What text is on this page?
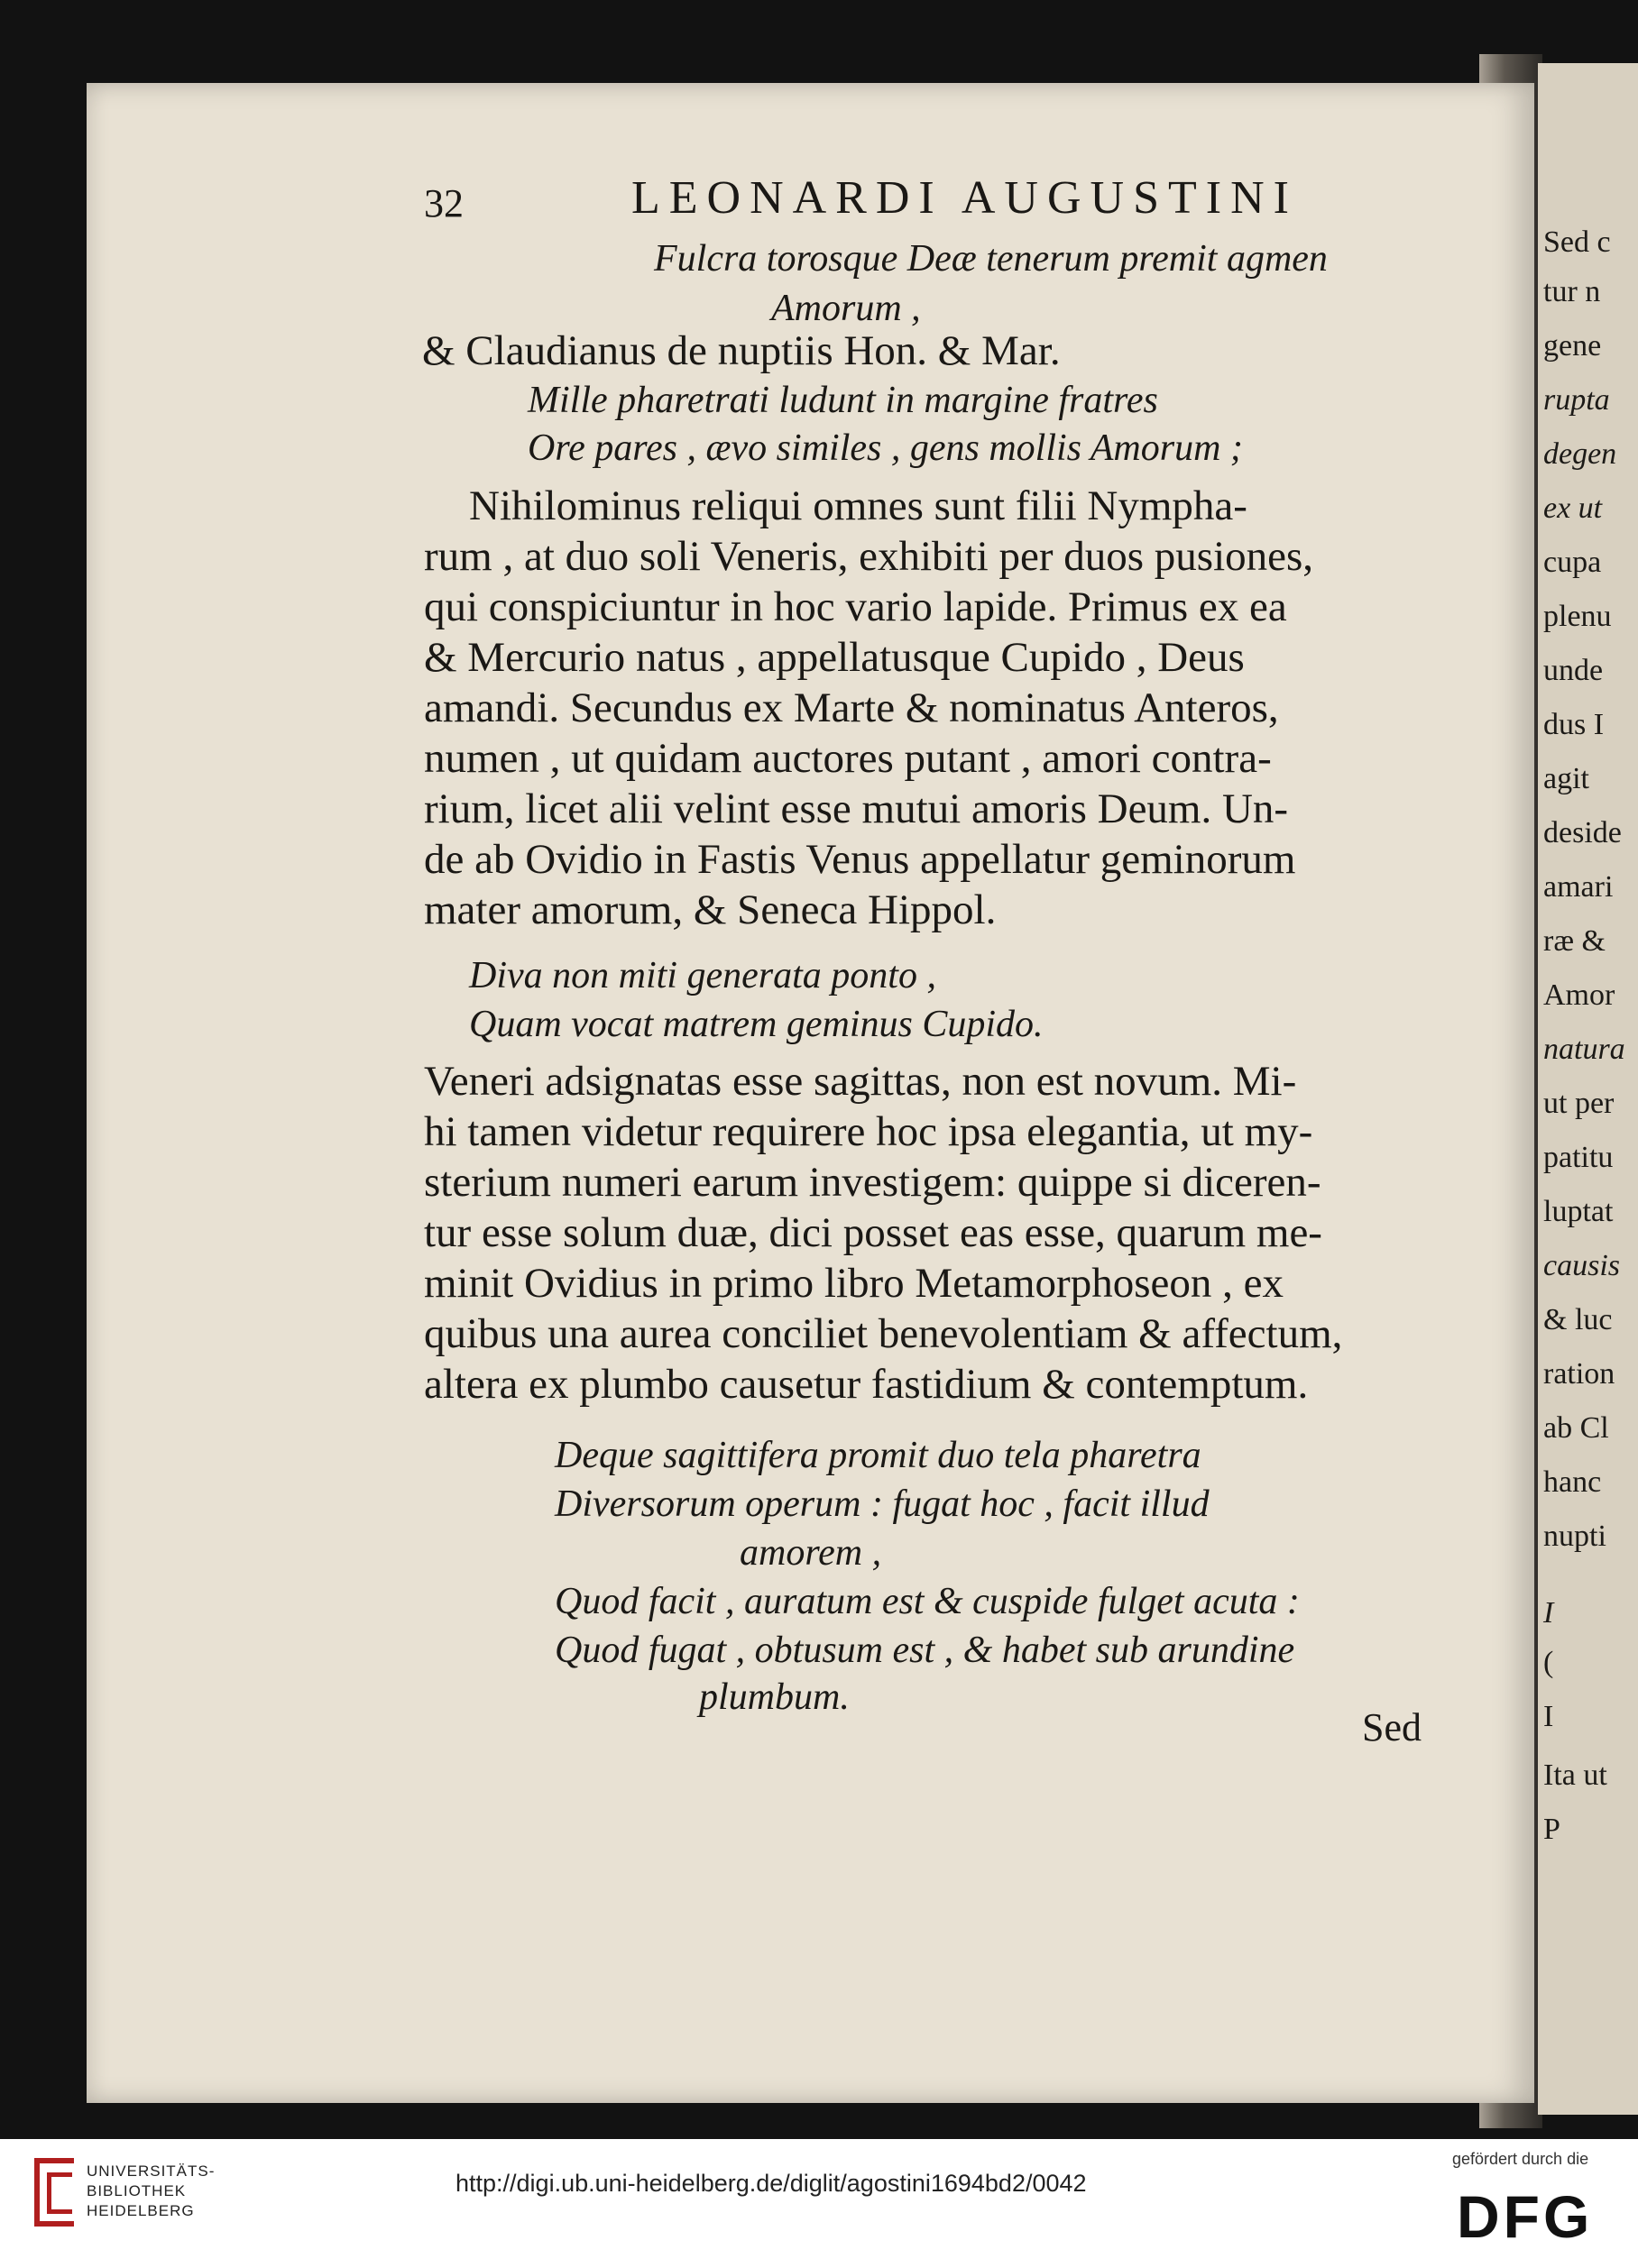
Sed c
tur n
gene
rupta
degen
ex ut
cupa
plenu
unde
dus I
agit
deside
amari
ræ &
Amor
natura
ut per
patitu
luptat
causis
& luc
ration
ab Cl
hanc
nupti
I
(
I
Ita ut
P
32	LEONARDI AUGUSTINI
Fulcra torosque Deæ tenerum premit agmen
Amorum ,
& Claudianus de nuptiis Hon. & Mar.
Mille pharetrati ludunt in margine fratres
Ore pares , ævo similes , gens mollis Amorum ;
Nihilominus reliqui omnes sunt filii Nympha-
rum , at duo soli Veneris, exhibiti per duos pusiones,
qui conspiciuntur in hoc vario lapide. Primus ex ea
& Mercurio natus , appellatusque Cupido , Deus
amandi. Secundus ex Marte & nominatus Anteros,
numen , ut quidam auctores putant , amori contra-
rium, licet alii velint esse mutui amoris Deum. Un-
de ab Ovidio in Fastis Venus appellatur geminorum
mater amorum, & Seneca Hippol.
Diva non miti generata ponto ,
Quam vocat matrem geminus Cupido.
Veneri adsignatas esse sagittas, non est novum. Mi-
hi tamen videtur requirere hoc ipsa elegantia, ut my-
sterium numeri earum investigem: quippe si diceren-
tur esse solum duæ, dici posset eas esse, quarum me-
minit Ovidius in primo libro Metamorphoseon , ex
quibus una aurea conciliet benevolentiam & affectum,
altera ex plumbo causetur fastidium & contemptum.
Deque sagittifera promit duo tela pharetra
Diversorum operum : fugat hoc , facit illud
amorem ,
Quod facit , auratum est & cuspide fulget acuta :
Quod fugat , obtusum est , & habet sub arundine
plumbum.
Sed
UNIVERSITÄTS-
BIBLIOTHEK
HEIDELBERG
http://digi.ub.uni-heidelberg.de/diglit/agostini1694bd2/0042
gefördert durch die
DFG
